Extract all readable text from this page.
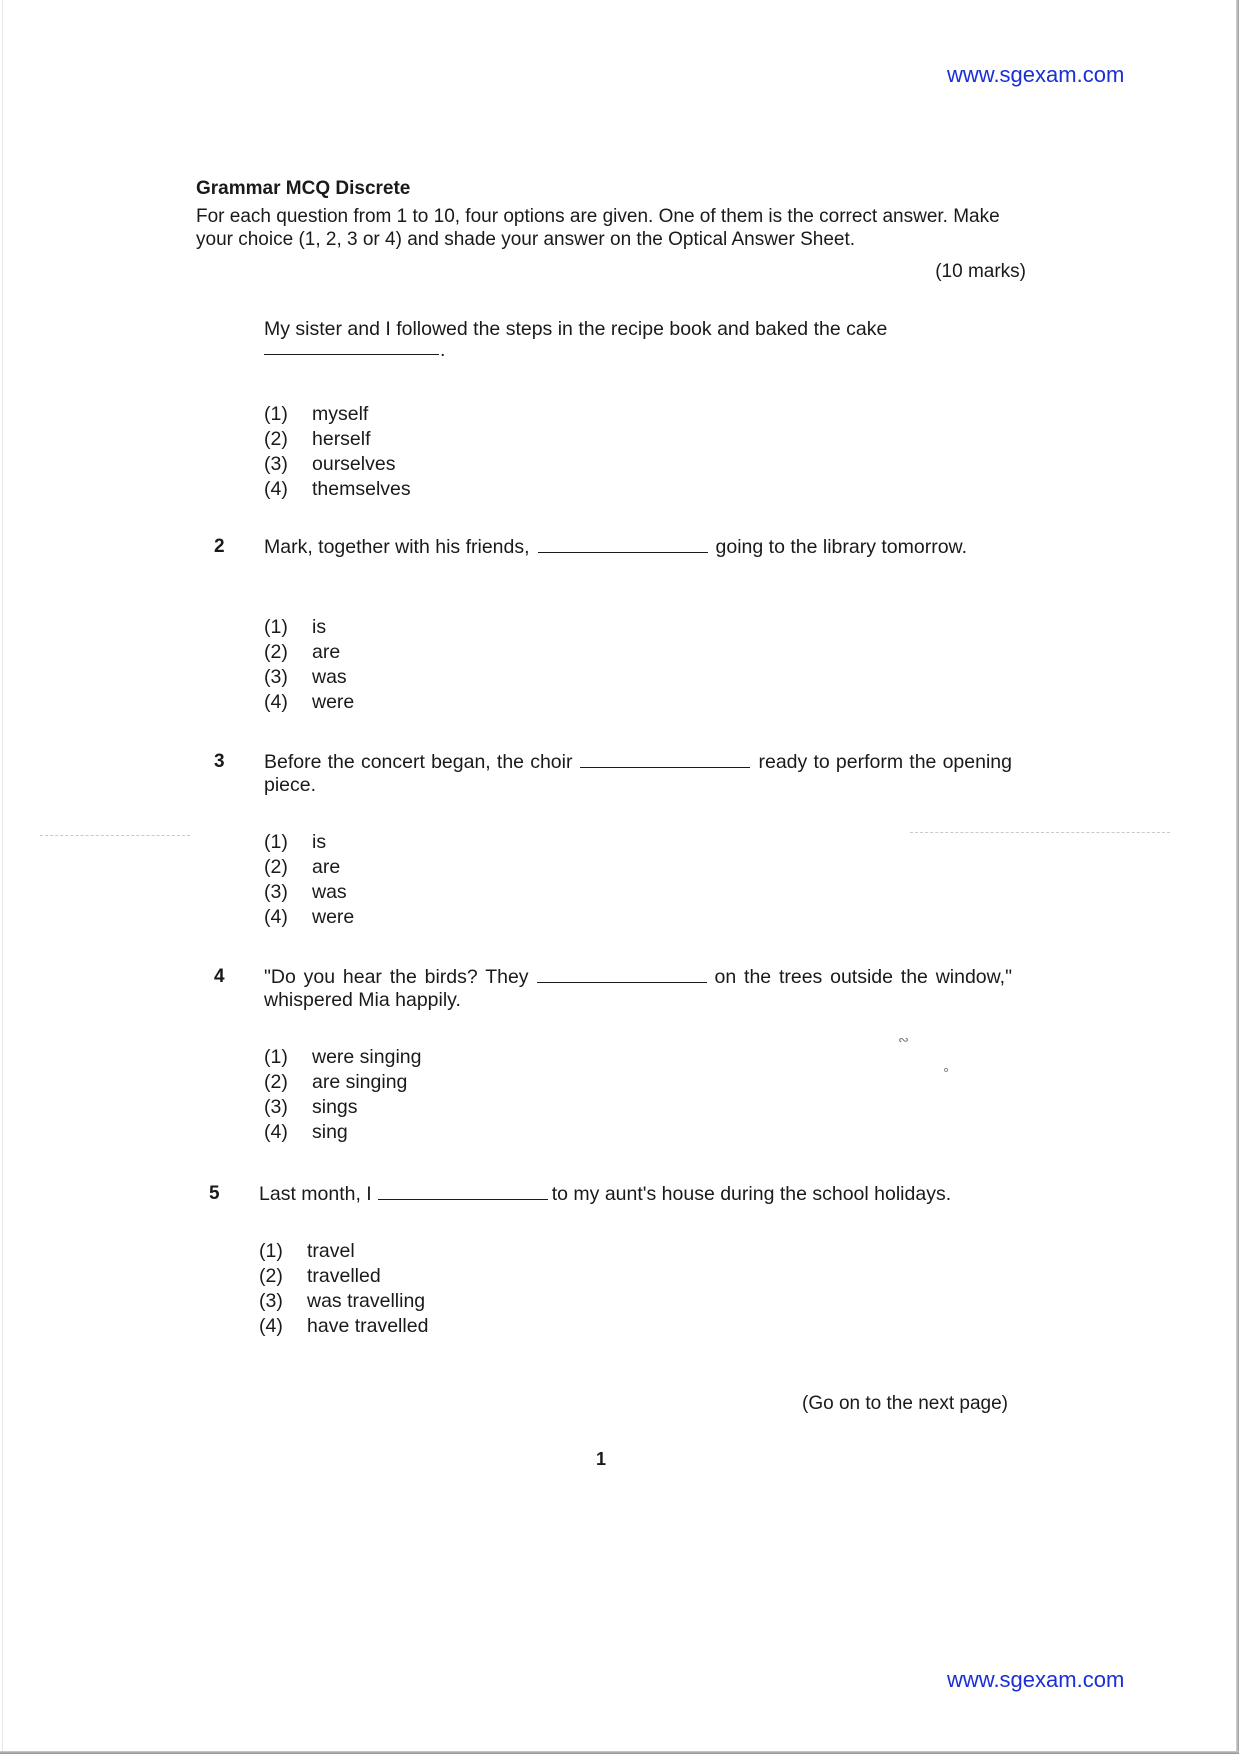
www.sgexam.com
Grammar MCQ Discrete
For each question from 1 to 10, four options are given. One of them is the correct answer. Make your choice (1, 2, 3 or 4) and shade your answer on the Optical Answer Sheet.
(10 marks)
My sister and I followed the steps in the recipe book and baked the cake
.
(1)	myself
(2)	herself
(3)	ourselves
(4)	themselves
2 Mark, together with his friends,	going to the library tomorrow.
(1)	is
(2)	are
(3)	was
(4)	were
3 Before the concert began, the choir	ready to perform the opening piece.
(1)	is
(2)	are
(3)	was
(4)	were
4 "Do you hear the birds? They	on the trees outside the window," whispered Mia happily.
(1)	were singing
(2)	are singing
(3)	sings
(4)	sing
5 Last month, I	to my aunt's house during the school holidays.
(1)	travel
(2)	travelled
(3)	was travelling
(4)	have travelled
(Go on to the next page)
1
www.sgexam.com
∾
∘
